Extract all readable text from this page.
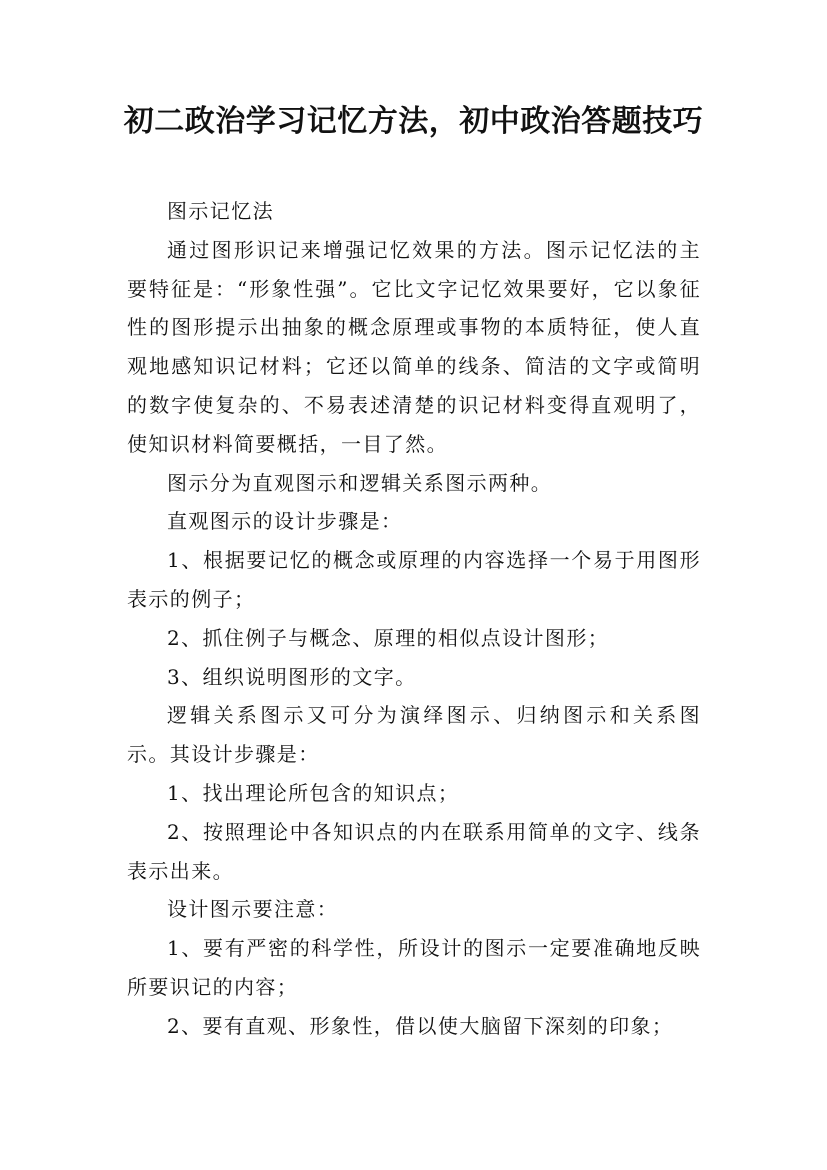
初二政治学习记忆方法，初中政治答题技巧

图示记忆法

通过图形识记来增强记忆效果的方法。图示记忆法的主要特征是：“形象性强”。它比文字记忆效果要好，它以象征性的图形提示出抽象的概念原理或事物的本质特征，使人直观地感知识记材料；它还以简单的线条、简洁的文字或简明的数字使复杂的、不易表述清楚的识记材料变得直观明了，使知识材料简要概括，一目了然。

图示分为直观图示和逻辑关系图示两种。

直观图示的设计步骤是：

1、根据要记忆的概念或原理的内容选择一个易于用图形表示的例子；

2、抓住例子与概念、原理的相似点设计图形；

3、组织说明图形的文字。

逻辑关系图示又可分为演绎图示、归纳图示和关系图示。其设计步骤是：

1、找出理论所包含的知识点；

2、按照理论中各知识点的内在联系用简单的文字、线条表示出来。

设计图示要注意：

1、要有严密的科学性，所设计的图示一定要准确地反映所要识记的内容；

2、要有直观、形象性，借以使大脑留下深刻的印象；
